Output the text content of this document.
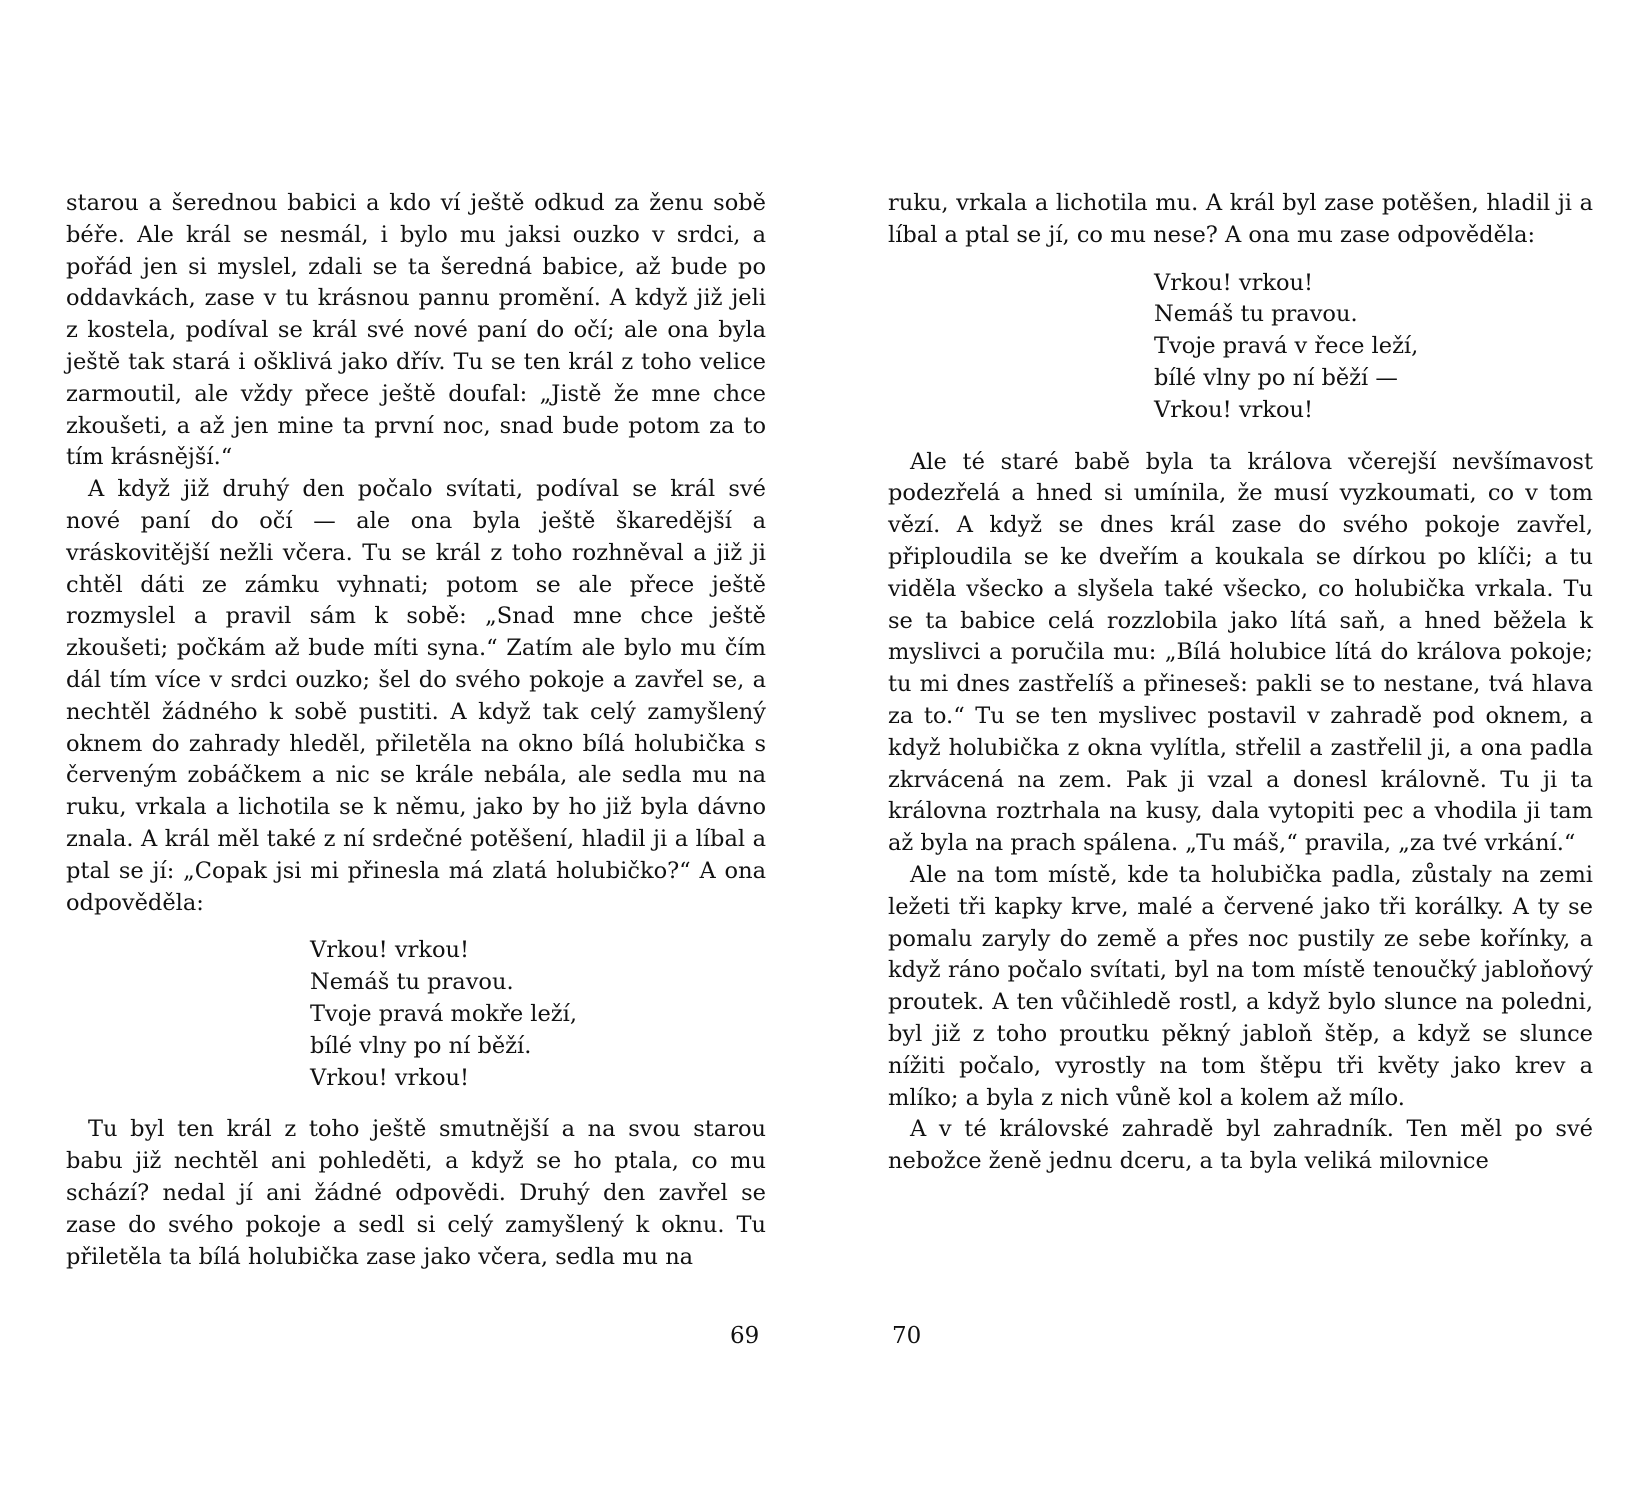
starou a šerednou babici a kdo ví ještě odkud za ženu sobě béře. Ale král se nesmál, i bylo mu jaksi ouzko v srdci, a pořád jen si myslel, zdali se ta šeredná babice, až bude po oddavkách, zase v tu krásnou pannu promění. A když již jeli z kostela, podíval se král své nové paní do očí; ale ona byla ještě tak stará i ošklivá jako dřív. Tu se ten král z toho velice zarmoutil, ale vždy přece ještě doufal: „Jistě že mne chce zkoušeti, a až jen mine ta první noc, snad bude potom za to tím krásnější.“

A když již druhý den počalo svítati, podíval se král své nové paní do očí — ale ona byla ještě škaredější a vráskovitější nežli včera. Tu se král z toho rozhněval a již ji chtěl dáti ze zámku vyhnati; potom se ale přece ještě rozmyslel a pravil sám k sobě: „Snad mne chce ještě zkoušeti; počkám až bude míti syna.“ Zatím ale bylo mu čím dál tím více v srdci ouzko; šel do svého pokoje a zavřel se, a nechtěl žádného k sobě pustiti. A když tak celý zamyšlený oknem do zahrady hleděl, přiletěla na okno bílá holubička s červeným zobáčkem a nic se krále nebála, ale sedla mu na ruku, vrkala a lichotila se k němu, jako by ho již byla dávno znala. A král měl také z ní srdečné potěšení, hladil ji a líbal a ptal se jí: „Copak jsi mi přinesla má zlatá holubičko?“ A ona odpověděla:

Vrkou! vrkou!
Nemáš tu pravou.
Tvoje pravá mokře leží,
bílé vlny po ní běží.
Vrkou! vrkou!

Tu byl ten král z toho ještě smutnější a na svou starou babu již nechtěl ani pohleděti, a když se ho ptala, co mu schází? nedal jí ani žádné odpovědi. Druhý den zavřel se zase do svého pokoje a sedl si celý zamyšlený k oknu. Tu přiletěla ta bílá holubička zase jako včera, sedla mu na

ruku, vrkala a lichotila mu. A král byl zase potěšen, hladil ji a líbal a ptal se jí, co mu nese? A ona mu zase odpověděla:

Vrkou! vrkou!
Nemáš tu pravou.
Tvoje pravá v řece leží,
bílé vlny po ní běží —
Vrkou! vrkou!

Ale té staré babě byla ta králova včerejší nevšímavost podezřelá a hned si umínila, že musí vyzkoumati, co v tom vězí. A když se dnes král zase do svého pokoje zavřel, připloudila se ke dveřím a koukala se dírkou po klíči; a tu viděla všecko a slyšela také všecko, co holubička vrkala. Tu se ta babice celá rozzlobila jako lítá saň, a hned běžela k myslivci a poručila mu: „Bílá holubice lítá do králova pokoje; tu mi dnes zastřelíš a přineseš: pakli se to nestane, tvá hlava za to.“ Tu se ten myslivec postavil v zahradě pod oknem, a když holubička z okna vylítla, střelil a zastřelil ji, a ona padla zkrvácená na zem. Pak ji vzal a donesl královně. Tu ji ta královna roztrhala na kusy, dala vytopiti pec a vhodila ji tam až byla na prach spálena. „Tu máš,“ pravila, „za tvé vrkání.“

Ale na tom místě, kde ta holubička padla, zůstaly na zemi ležeti tři kapky krve, malé a červené jako tři korálky. A ty se pomalu zaryly do země a přes noc pustily ze sebe kořínky, a když ráno počalo svítati, byl na tom místě tenoučký jabloňový proutek. A ten vůčihledě rostl, a když bylo slunce na poledni, byl již z toho proutku pěkný jabloň štěp, a když se slunce nížiti počalo, vyrostly na tom štěpu tři květy jako krev a mlíko; a byla z nich vůně kol a kolem až mílo.

A v té královské zahradě byl zahradník. Ten měl po své nebožce ženě jednu dceru, a ta byla veliká milovnice

69	70
